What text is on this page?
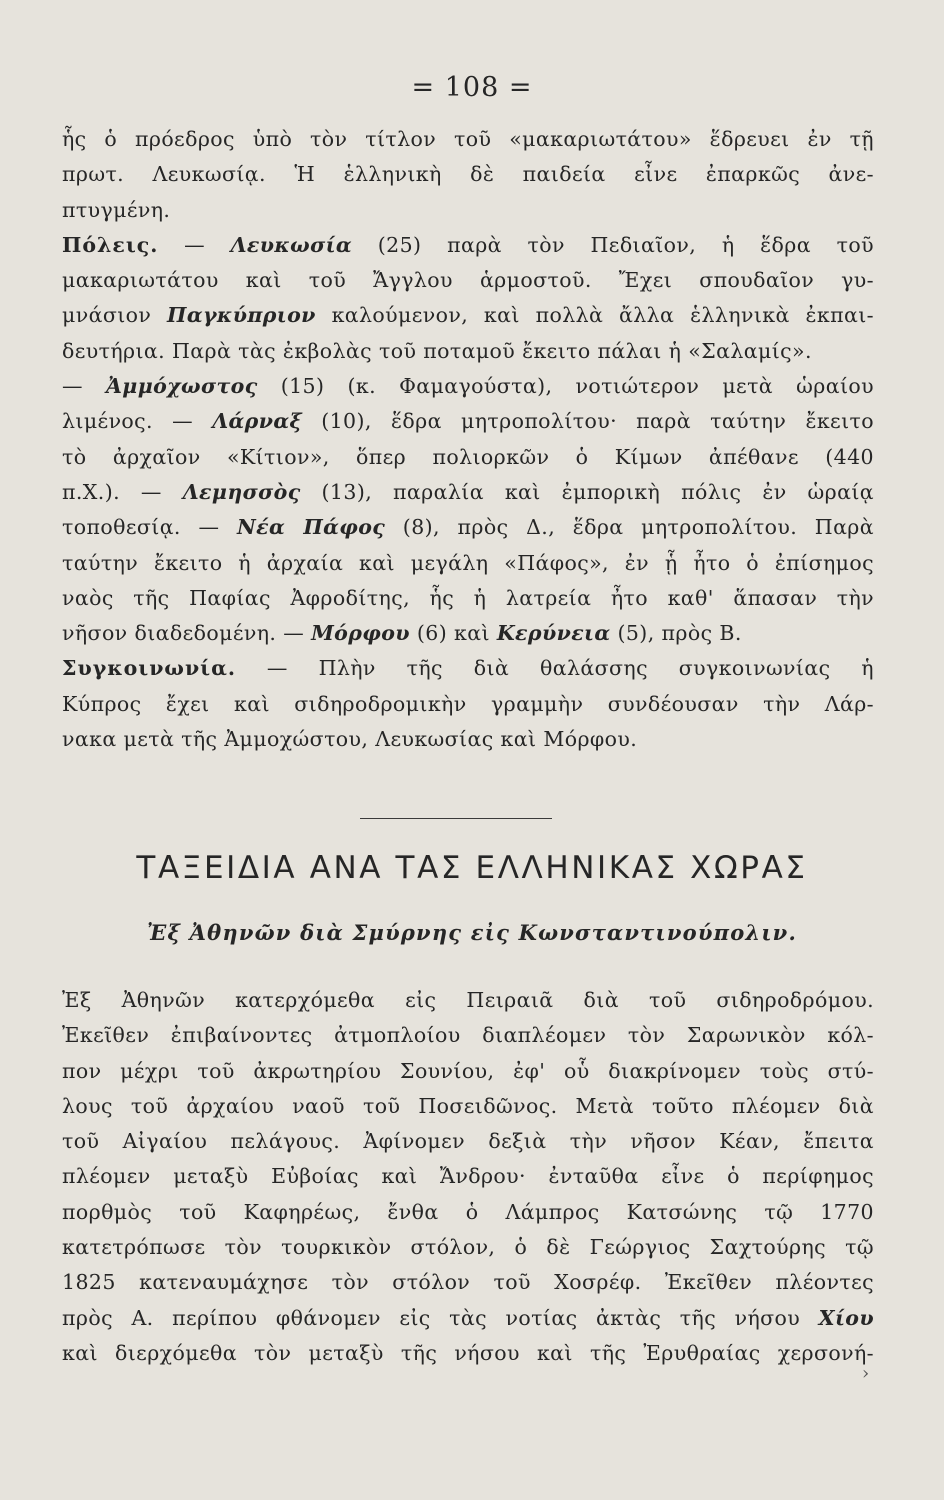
= 108 =
ἧς ὁ πρόεδρος ὑπὸ τὸν τίτλον τοῦ «μακαριωτάτου» ἕδρευει ἐν τῇ
πρωτ. Λευκωσίᾳ. Ἡ ἑλληνικὴ δὲ παιδεία εἶνε ἐπαρκῶς ἀνε-
πτυγμένη.
Πόλεις. — Λευκωσία (25) παρὰ τὸν Πεδιαῖον, ἡ ἕδρα τοῦ
μακαριωτάτου καὶ τοῦ Ἄγγλου ἁρμοστοῦ. Ἔχει σπουδαῖον γυ-
μνάσιον Παγκύπριον καλούμενον, καὶ πολλὰ ἄλλα ἑλληνικὰ ἐκπαι-
δευτήρια. Παρὰ τὰς ἐκβολὰς τοῦ ποταμοῦ ἔκειτο πάλαι ἡ «Σαλαμίς».
— Ἀμμόχωστος (15) (κ. Φαμαγούστα), νοτιώτερον μετὰ ὡραίου
λιμένος. — Λάρναξ (10), ἕδρα μητροπολίτου· παρὰ ταύτην ἔκειτο
τὸ ἀρχαῖον «Κίτιον», ὅπερ πολιορκῶν ὁ Κίμων ἀπέθανε (440
π.Χ.). — Λεμησσὸς (13), παραλία καὶ ἐμπορικὴ πόλις ἐν ὡραίᾳ
τοποθεσίᾳ. — Νέα Πάφος (8), πρὸς Δ., ἕδρα μητροπολίτου. Παρὰ
ταύτην ἔκειτο ἡ ἀρχαία καὶ μεγάλη «Πάφος», ἐν ᾗ ἦτο ὁ ἐπίσημος
ναὸς τῆς Παφίας Ἀφροδίτης, ἧς ἡ λατρεία ἦτο καθ' ἅπασαν τὴν
νῆσον διαδεδομένη. — Μόρφου (6) καὶ Κερύνεια (5), πρὸς Β.
Συγκοινωνία. — Πλὴν τῆς διὰ θαλάσσης συγκοινωνίας ἡ
Κύπρος ἔχει καὶ σιδηροδρομικὴν γραμμὴν συνδέουσαν τὴν Λάρ-
νακα μετὰ τῆς Ἀμμοχώστου, Λευκωσίας καὶ Μόρφου.
ΤΑΞΕΙΔΙΑ ΑΝΑ ΤΑΣ ΕΛΛΗΝΙΚΑΣ ΧΩΡΑΣ
Ἐξ Ἀθηνῶν διὰ Σμύρνης εἰς Κωνσταντινούπολιν.
Ἐξ Ἀθηνῶν κατερχόμεθα εἰς Πειραιᾶ διὰ τοῦ σιδηροδρόμου.
Ἐκεῖθεν ἐπιβαίνοντες ἀτμοπλοίου διαπλέομεν τὸν Σαρωνικὸν κόλ-
πον μέχρι τοῦ ἀκρωτηρίου Σουνίου, ἐφ' οὗ διακρίνομεν τοὺς στύ-
λους τοῦ ἀρχαίου ναοῦ τοῦ Ποσειδῶνος. Μετὰ τοῦτο πλέομεν διὰ
τοῦ Αἰγαίου πελάγους. Ἀφίνομεν δεξιὰ τὴν νῆσον Κέαν, ἔπειτα
πλέομεν μεταξὺ Εὐβοίας καὶ Ἄνδρου· ἐνταῦθα εἶνε ὁ περίφημος
πορθμὸς τοῦ Καφηρέως, ἔνθα ὁ Λάμπρος Κατσώνης τῷ 1770
κατετρόπωσε τὸν τουρκικὸν στόλον, ὁ δὲ Γεώργιος Σαχτούρης τῷ
1825 κατεναυμάχησε τὸν στόλον τοῦ Χοσρέφ. Ἐκεῖθεν πλέοντες
πρὸς Α. περίπου φθάνομεν εἰς τὰς νοτίας ἀκτὰς τῆς νήσου Χίου
καὶ διερχόμεθα τὸν μεταξὺ τῆς νήσου καὶ τῆς Ἐρυθραίας χερσονή-
›
